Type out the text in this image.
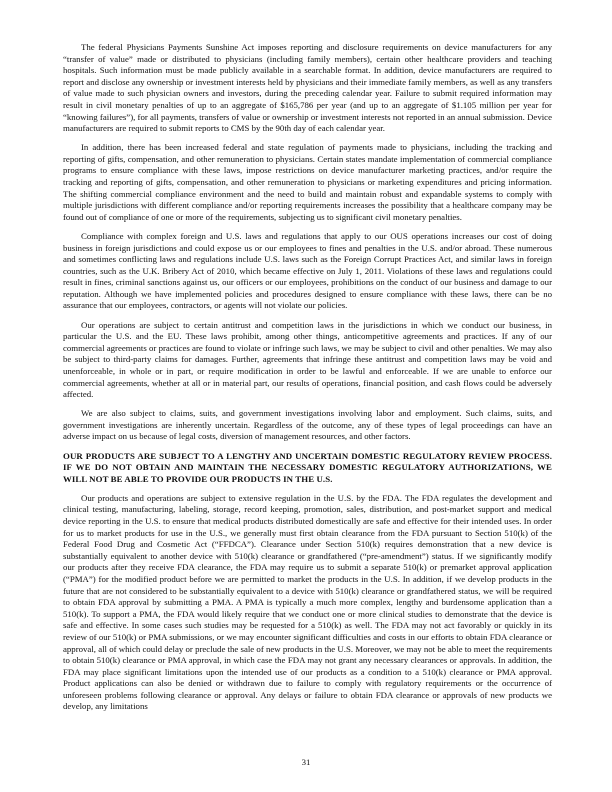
The federal Physicians Payments Sunshine Act imposes reporting and disclosure requirements on device manufacturers for any “transfer of value” made or distributed to physicians (including family members), certain other healthcare providers and teaching hospitals. Such information must be made publicly available in a searchable format. In addition, device manufacturers are required to report and disclose any ownership or investment interests held by physicians and their immediate family members, as well as any transfers of value made to such physician owners and investors, during the preceding calendar year. Failure to submit required information may result in civil monetary penalties of up to an aggregate of $165,786 per year (and up to an aggregate of $1.105 million per year for “knowing failures”), for all payments, transfers of value or ownership or investment interests not reported in an annual submission. Device manufacturers are required to submit reports to CMS by the 90th day of each calendar year.

In addition, there has been increased federal and state regulation of payments made to physicians, including the tracking and reporting of gifts, compensation, and other remuneration to physicians. Certain states mandate implementation of commercial compliance programs to ensure compliance with these laws, impose restrictions on device manufacturer marketing practices, and/or require the tracking and reporting of gifts, compensation, and other remuneration to physicians or marketing expenditures and pricing information. The shifting commercial compliance environment and the need to build and maintain robust and expandable systems to comply with multiple jurisdictions with different compliance and/or reporting requirements increases the possibility that a healthcare company may be found out of compliance of one or more of the requirements, subjecting us to significant civil monetary penalties.

Compliance with complex foreign and U.S. laws and regulations that apply to our OUS operations increases our cost of doing business in foreign jurisdictions and could expose us or our employees to fines and penalties in the U.S. and/or abroad. These numerous and sometimes conflicting laws and regulations include U.S. laws such as the Foreign Corrupt Practices Act, and similar laws in foreign countries, such as the U.K. Bribery Act of 2010, which became effective on July 1, 2011. Violations of these laws and regulations could result in fines, criminal sanctions against us, our officers or our employees, prohibitions on the conduct of our business and damage to our reputation. Although we have implemented policies and procedures designed to ensure compliance with these laws, there can be no assurance that our employees, contractors, or agents will not violate our policies.

Our operations are subject to certain antitrust and competition laws in the jurisdictions in which we conduct our business, in particular the U.S. and the EU. These laws prohibit, among other things, anticompetitive agreements and practices. If any of our commercial agreements or practices are found to violate or infringe such laws, we may be subject to civil and other penalties. We may also be subject to third-party claims for damages. Further, agreements that infringe these antitrust and competition laws may be void and unenforceable, in whole or in part, or require modification in order to be lawful and enforceable. If we are unable to enforce our commercial agreements, whether at all or in material part, our results of operations, financial position, and cash flows could be adversely affected.

We are also subject to claims, suits, and government investigations involving labor and employment. Such claims, suits, and government investigations are inherently uncertain. Regardless of the outcome, any of these types of legal proceedings can have an adverse impact on us because of legal costs, diversion of management resources, and other factors.

OUR PRODUCTS ARE SUBJECT TO A LENGTHY AND UNCERTAIN DOMESTIC REGULATORY REVIEW PROCESS. IF WE DO NOT OBTAIN AND MAINTAIN THE NECESSARY DOMESTIC REGULATORY AUTHORIZATIONS, WE WILL NOT BE ABLE TO PROVIDE OUR PRODUCTS IN THE U.S.

Our products and operations are subject to extensive regulation in the U.S. by the FDA. The FDA regulates the development and clinical testing, manufacturing, labeling, storage, record keeping, promotion, sales, distribution, and post-market support and medical device reporting in the U.S. to ensure that medical products distributed domestically are safe and effective for their intended uses. In order for us to market products for use in the U.S., we generally must first obtain clearance from the FDA pursuant to Section 510(k) of the Federal Food Drug and Cosmetic Act (“FFDCA”). Clearance under Section 510(k) requires demonstration that a new device is substantially equivalent to another device with 510(k) clearance or grandfathered (“pre-amendment”) status. If we significantly modify our products after they receive FDA clearance, the FDA may require us to submit a separate 510(k) or premarket approval application (“PMA”) for the modified product before we are permitted to market the products in the U.S. In addition, if we develop products in the future that are not considered to be substantially equivalent to a device with 510(k) clearance or grandfathered status, we will be required to obtain FDA approval by submitting a PMA. A PMA is typically a much more complex, lengthy and burdensome application than a 510(k). To support a PMA, the FDA would likely require that we conduct one or more clinical studies to demonstrate that the device is safe and effective. In some cases such studies may be requested for a 510(k) as well. The FDA may not act favorably or quickly in its review of our 510(k) or PMA submissions, or we may encounter significant difficulties and costs in our efforts to obtain FDA clearance or approval, all of which could delay or preclude the sale of new products in the U.S. Moreover, we may not be able to meet the requirements to obtain 510(k) clearance or PMA approval, in which case the FDA may not grant any necessary clearances or approvals. In addition, the FDA may place significant limitations upon the intended use of our products as a condition to a 510(k) clearance or PMA approval. Product applications can also be denied or withdrawn due to failure to comply with regulatory requirements or the occurrence of unforeseen problems following clearance or approval. Any delays or failure to obtain FDA clearance or approvals of new products we develop, any limitations

31
